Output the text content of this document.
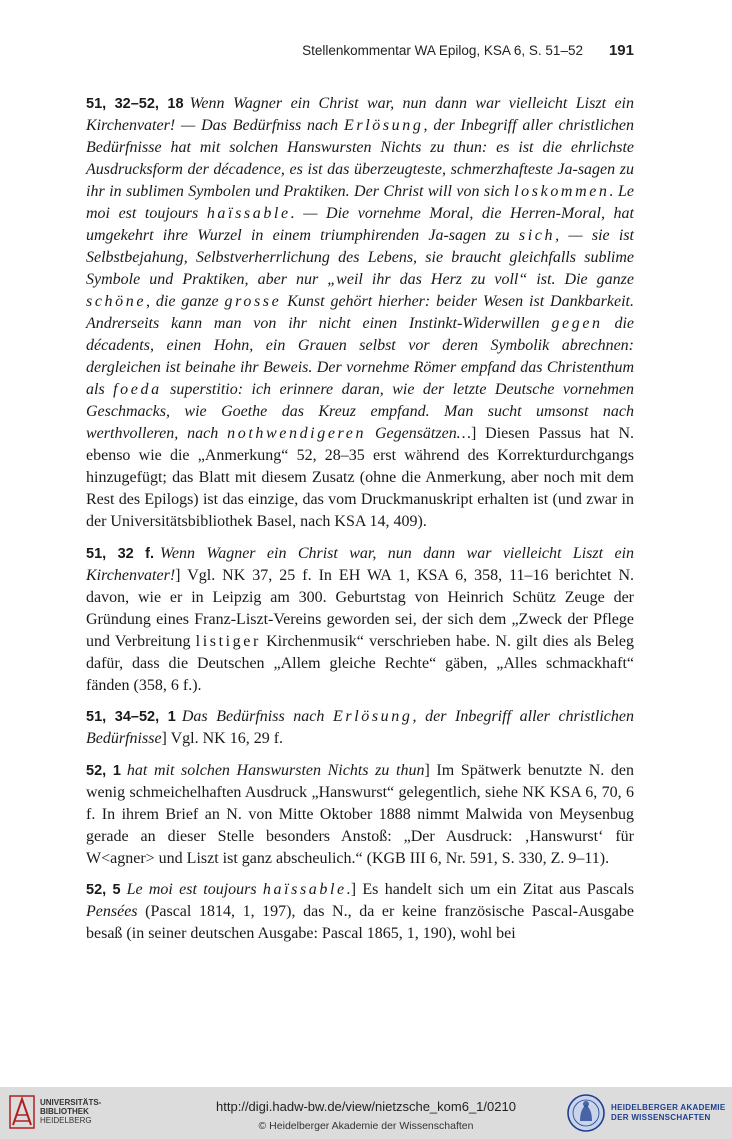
Stellenkommentar WA Epilog, KSA 6, S. 51–52 191

51, 32–52, 18 Wenn Wagner ein Christ war, nun dann war vielleicht Liszt ein Kirchenvater! — Das Bedürfniss nach Erlösung, der Inbegriff aller christlichen Bedürfnisse hat mit solchen Hanswursten Nichts zu thun: es ist die ehrlichste Ausdrucksform der décadence, es ist das überzeugteste, schmerzhafteste Ja-sagen zu ihr in sublimen Symbolen und Praktiken. Der Christ will von sich loskommen. Le moi est toujours haïssable. — Die vornehme Moral, die Herren-Moral, hat umgekehrt ihre Wurzel in einem triumphirenden Ja-sagen zu sich, — sie ist Selbstbejahung, Selbstverherrlichung des Lebens, sie braucht gleichfalls sublime Symbole und Praktiken, aber nur „weil ihr das Herz zu voll“ ist. Die ganze schöne, die ganze grosse Kunst gehört hierher: beider Wesen ist Dankbarkeit. Andrerseits kann man von ihr nicht einen Instinkt-Widerwillen gegen die décadents, einen Hohn, ein Grauen selbst vor deren Symbolik abrechnen: dergleichen ist beinahe ihr Beweis. Der vornehme Römer empfand das Christenthum als foeda superstitio: ich erinnere daran, wie der letzte Deutsche vornehmen Geschmacks, wie Goethe das Kreuz empfand. Man sucht umsonst nach werthvolleren, nach nothwendigeren Gegensätzen…] Diesen Passus hat N. ebenso wie die „Anmerkung“ 52, 28–35 erst während des Korrekturdurchgangs hinzugefügt; das Blatt mit diesem Zusatz (ohne die Anmerkung, aber noch mit dem Rest des Epilogs) ist das einzige, das vom Druckmanuskript erhalten ist (und zwar in der Universitätsbibliothek Basel, nach KSA 14, 409).

51, 32 f. Wenn Wagner ein Christ war, nun dann war vielleicht Liszt ein Kirchenvater!] Vgl. NK 37, 25 f. In EH WA 1, KSA 6, 358, 11–16 berichtet N. davon, wie er in Leipzig am 300. Geburtstag von Heinrich Schütz Zeuge der Gründung eines Franz-Liszt-Vereins geworden sei, der sich dem „Zweck der Pflege und Verbreitung listiger Kirchenmusik“ verschrieben habe. N. gilt dies als Beleg dafür, dass die Deutschen „Allem gleiche Rechte“ gäben, „Alles schmackhaft“ fänden (358, 6 f.).

51, 34–52, 1 Das Bedürfniss nach Erlösung, der Inbegriff aller christlichen Bedürfnisse] Vgl. NK 16, 29 f.

52, 1 hat mit solchen Hanswursten Nichts zu thun] Im Spätwerk benutzte N. den wenig schmeichelhaften Ausdruck „Hanswurst“ gelegentlich, siehe NK KSA 6, 70, 6 f. In ihrem Brief an N. von Mitte Oktober 1888 nimmt Malwida von Meysenbug gerade an dieser Stelle besonders Anstoß: „Der Ausdruck: ‚Hanswurst‘ für W<agner> und Liszt ist ganz abscheulich.“ (KGB III 6, Nr. 591, S. 330, Z. 9–11).

52, 5 Le moi est toujours haïssable.] Es handelt sich um ein Zitat aus Pascals Pensées (Pascal 1814, 1, 197), das N., da er keine französische Pascal-Ausgabe besaß (in seiner deutschen Ausgabe: Pascal 1865, 1, 190), wohl bei

UNIVERSITÄTS-
BIBLIOTHEK
HEIDELBERG
http://digi.hadw-bw.de/view/nietzsche_kom6_1/0210
© Heidelberger Akademie der Wissenschaften
HEIDELBERGER AKADEMIE
DER WISSENSCHAFTEN
